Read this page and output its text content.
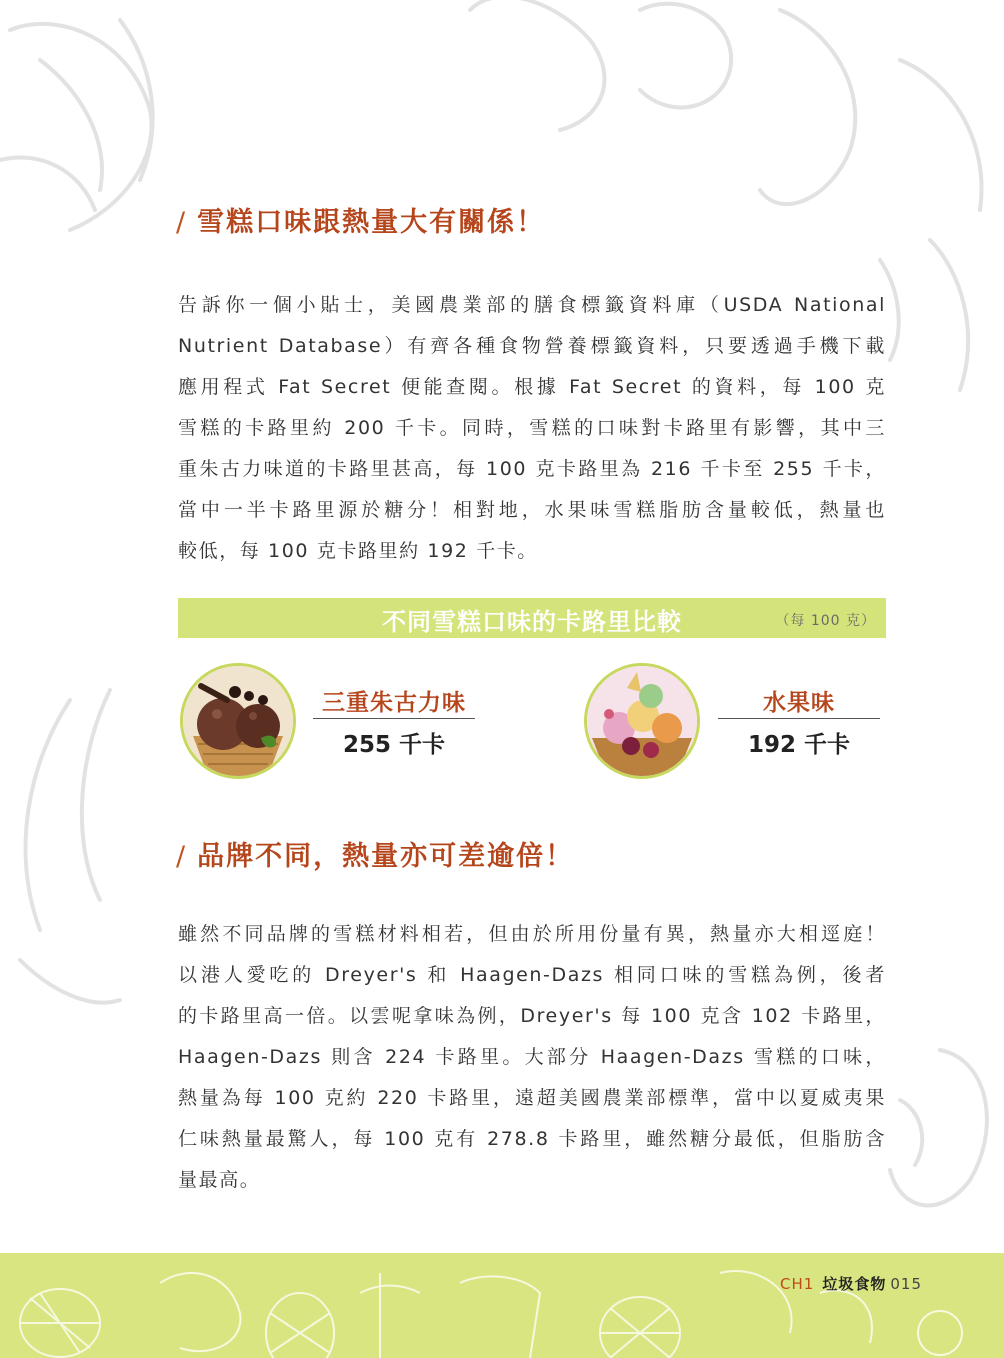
/ 雪糕口味跟熱量大有關係！
告訴你一個小貼士，美國農業部的膳食標籤資料庫（USDA National
Nutrient Database）有齊各種食物營養標籤資料，只要透過手機下載
應用程式 Fat Secret 便能查閱。根據 Fat Secret 的資料，每 100 克
雪糕的卡路里約 200 千卡。同時，雪糕的口味對卡路里有影響，其中三
重朱古力味道的卡路里甚高，每 100 克卡路里為 216 千卡至 255 千卡，
當中一半卡路里源於糖分！相對地，水果味雪糕脂肪含量較低，熱量也
較低，每 100 克卡路里約 192 千卡。
不同雪糕口味的卡路里比較	（每 100 克）
三重朱古力味
255 千卡
水果味
192 千卡
/ 品牌不同，熱量亦可差逾倍！
雖然不同品牌的雪糕材料相若，但由於所用份量有異，熱量亦大相逕庭！
以港人愛吃的 Dreyer's 和 Haagen-Dazs 相同口味的雪糕為例，後者
的卡路里高一倍。以雲呢拿味為例，Dreyer's 每 100 克含 102 卡路里，
Haagen-Dazs 則含 224 卡路里。大部分 Haagen-Dazs 雪糕的口味，
熱量為每 100 克約 220 卡路里，遠超美國農業部標準，當中以夏威夷果
仁味熱量最驚人，每 100 克有 278.8 卡路里，雖然糖分最低，但脂肪含
量最高。
CH1 垃圾食物 015
